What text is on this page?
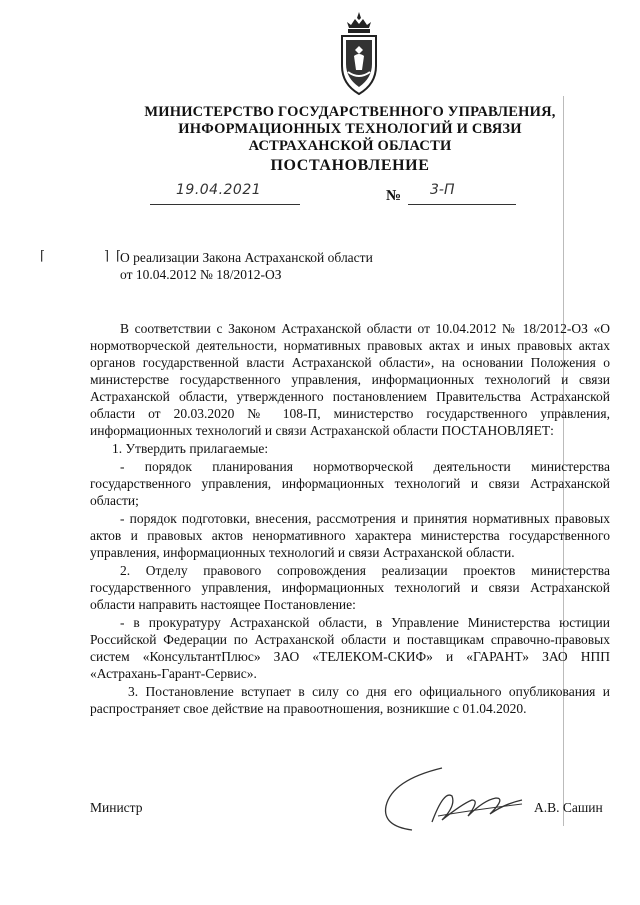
МИНИСТЕРСТВО ГОСУДАРСТВЕННОГО УПРАВЛЕНИЯ,
ИНФОРМАЦИОННЫХ ТЕХНОЛОГИЙ И СВЯЗИ
АСТРАХАНСКОЙ ОБЛАСТИ
ПОСТАНОВЛЕНИЕ
19.04.2021	№ 3-П
⌈	⌉ ⌈
О реализации Закона Астраханской области
от 10.04.2012 № 18/2012-ОЗ

В соответствии с Законом Астраханской области от 10.04.2012 № 18/2012-ОЗ «О нормотворческой деятельности, нормативных правовых актах и иных правовых актах органов государственной власти Астраханской области», на основании Положения о министерстве государственного управления, информационных технологий и связи Астраханской области, утвержденного постановлением Правительства Астраханской области от 20.03.2020 № 108-П, министерство государственного управления, информационных технологий и связи Астраханской области ПОСТАНОВЛЯЕТ:

1. Утвердить прилагаемые:

- порядок планирования нормотворческой деятельности министерства государственного управления, информационных технологий и связи Астраханской области;

- порядок подготовки, внесения, рассмотрения и принятия нормативных правовых актов и правовых актов ненормативного характера министерства государственного управления, информационных технологий и связи Астраханской области.

2. Отделу правового сопровождения реализации проектов министерства государственного управления, информационных технологий и связи Астраханской области направить настоящее Постановление:

- в прокуратуру Астраханской области, в Управление Министерства юстиции Российской Федерации по Астраханской области и поставщикам справочно-правовых систем «КонсультантПлюс» ЗАО «ТЕЛЕКОМ-СКИФ» и «ГАРАНТ» ЗАО НПП «Астрахань-Гарант-Сервис».

3. Постановление вступает в силу со дня его официального опубликования и распространяет свое действие на правоотношения, возникшие с 01.04.2020.

Министр	А.В. Сашин
